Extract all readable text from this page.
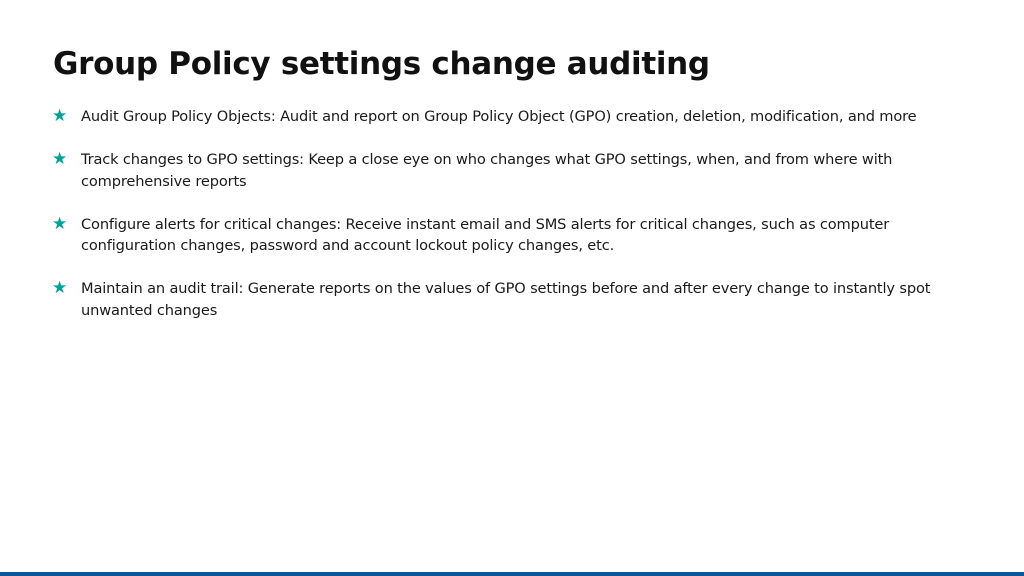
Group Policy settings change auditing
★ Audit Group Policy Objects: Audit and report on Group Policy Object (GPO) creation, deletion, modification, and more
★ Track changes to GPO settings: Keep a close eye on who changes what GPO settings, when, and from where with comprehensive reports
★ Configure alerts for critical changes: Receive instant email and SMS alerts for critical changes, such as computer configuration changes, password and account lockout policy changes, etc.
★ Maintain an audit trail: Generate reports on the values of GPO settings before and after every change to instantly spot unwanted changes
